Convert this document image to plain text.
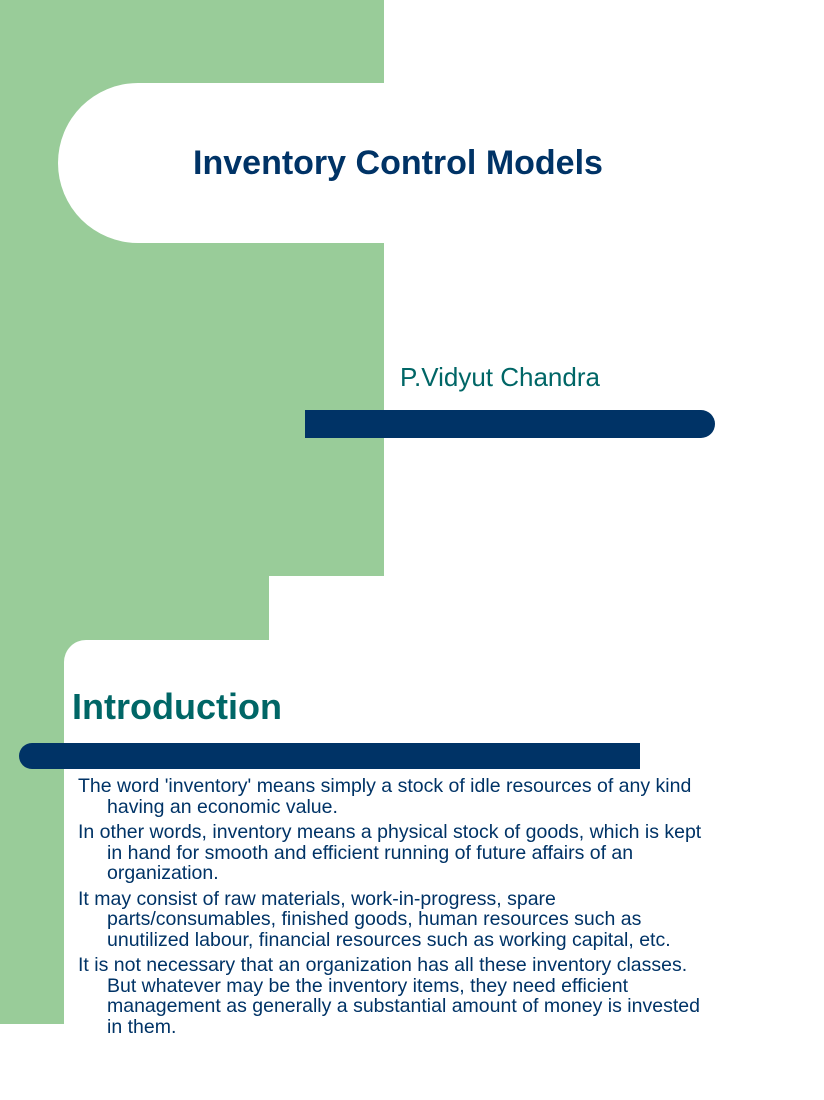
Inventory Control Models

P.Vidyut Chandra

Introduction
The word 'inventory' means simply a stock of idle resources of any kind having an economic value.
In other words, inventory means a physical stock of goods, which is kept in hand for smooth and efficient running of future affairs of an organization.
It may consist of raw materials, work-in-progress, spare parts/consumables, finished goods, human resources such as unutilized labour, financial resources such as working capital, etc.
It is not necessary that an organization has all these inventory classes. But whatever may be the inventory items, they need efficient management as generally a substantial amount of money is invested in them.
